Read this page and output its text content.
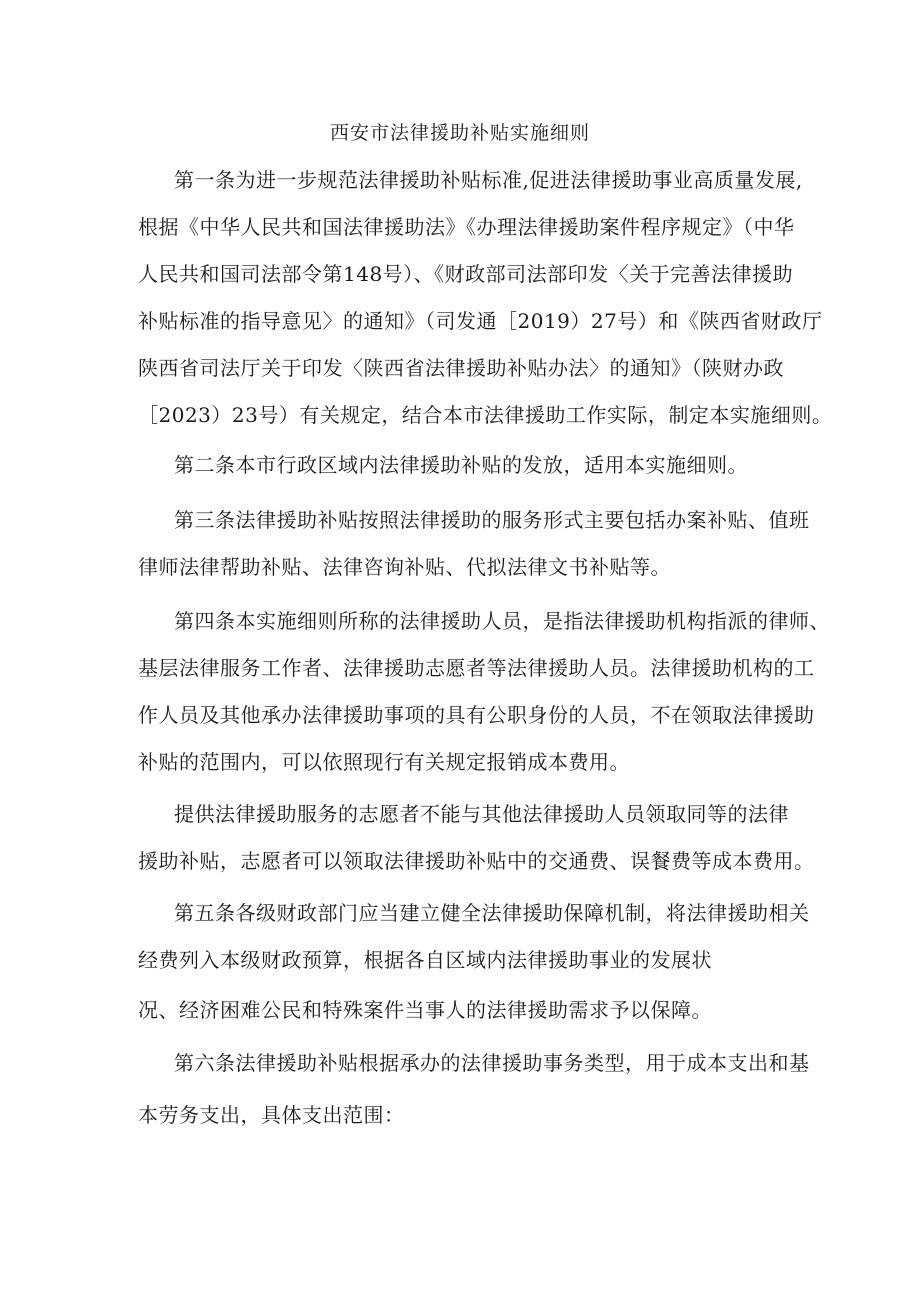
西安市法律援助补贴实施细则
第一条为进一步规范法律援助补贴标准,促进法律援助事业高质量发展,
根据《中华人民共和国法律援助法》《办理法律援助案件程序规定》（中华
人民共和国司法部令第148号）、《财政部司法部印发〈关于完善法律援助
补贴标准的指导意见〉的通知》（司发通［2019）27号）和《陕西省财政厅
陕西省司法厅关于印发〈陕西省法律援助补贴办法〉的通知》（陕财办政
［2023）23号）有关规定，结合本市法律援助工作实际，制定本实施细则。
第二条本市行政区域内法律援助补贴的发放，适用本实施细则。
第三条法律援助补贴按照法律援助的服务形式主要包括办案补贴、值班
律师法律帮助补贴、法律咨询补贴、代拟法律文书补贴等。
第四条本实施细则所称的法律援助人员，是指法律援助机构指派的律师、
基层法律服务工作者、法律援助志愿者等法律援助人员。法律援助机构的工
作人员及其他承办法律援助事项的具有公职身份的人员，不在领取法律援助
补贴的范围内，可以依照现行有关规定报销成本费用。
提供法律援助服务的志愿者不能与其他法律援助人员领取同等的法律
援助补贴，志愿者可以领取法律援助补贴中的交通费、误餐费等成本费用。
第五条各级财政部门应当建立健全法律援助保障机制，将法律援助相关
经费列入本级财政预算，根据各自区域内法律援助事业的发展状
况、经济困难公民和特殊案件当事人的法律援助需求予以保障。
第六条法律援助补贴根据承办的法律援助事务类型，用于成本支出和基
本劳务支出，具体支出范围：
